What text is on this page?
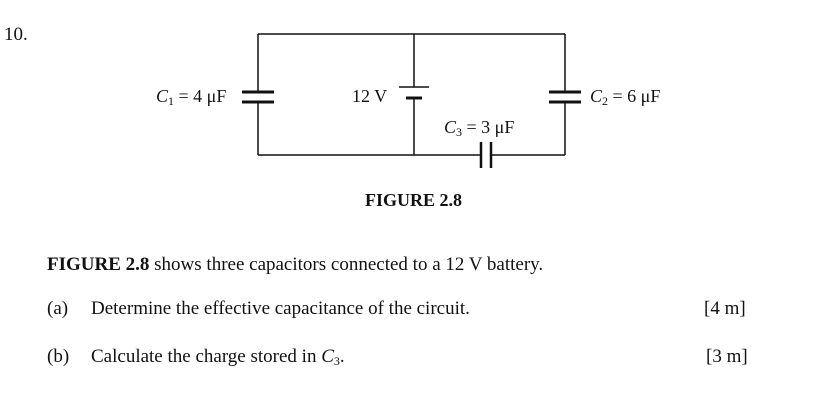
10.
$C_1 = 4$ μF	12 V
$C_3 = 3$ μF
$C_2 = 6$ μF
FIGURE 2.8
FIGURE 2.8 shows three capacitors connected to a 12 V battery.
(a) Determine the effective capacitance of the circuit.	[4 m]
(b) Calculate the charge stored in $C_3$.	[3 m]
